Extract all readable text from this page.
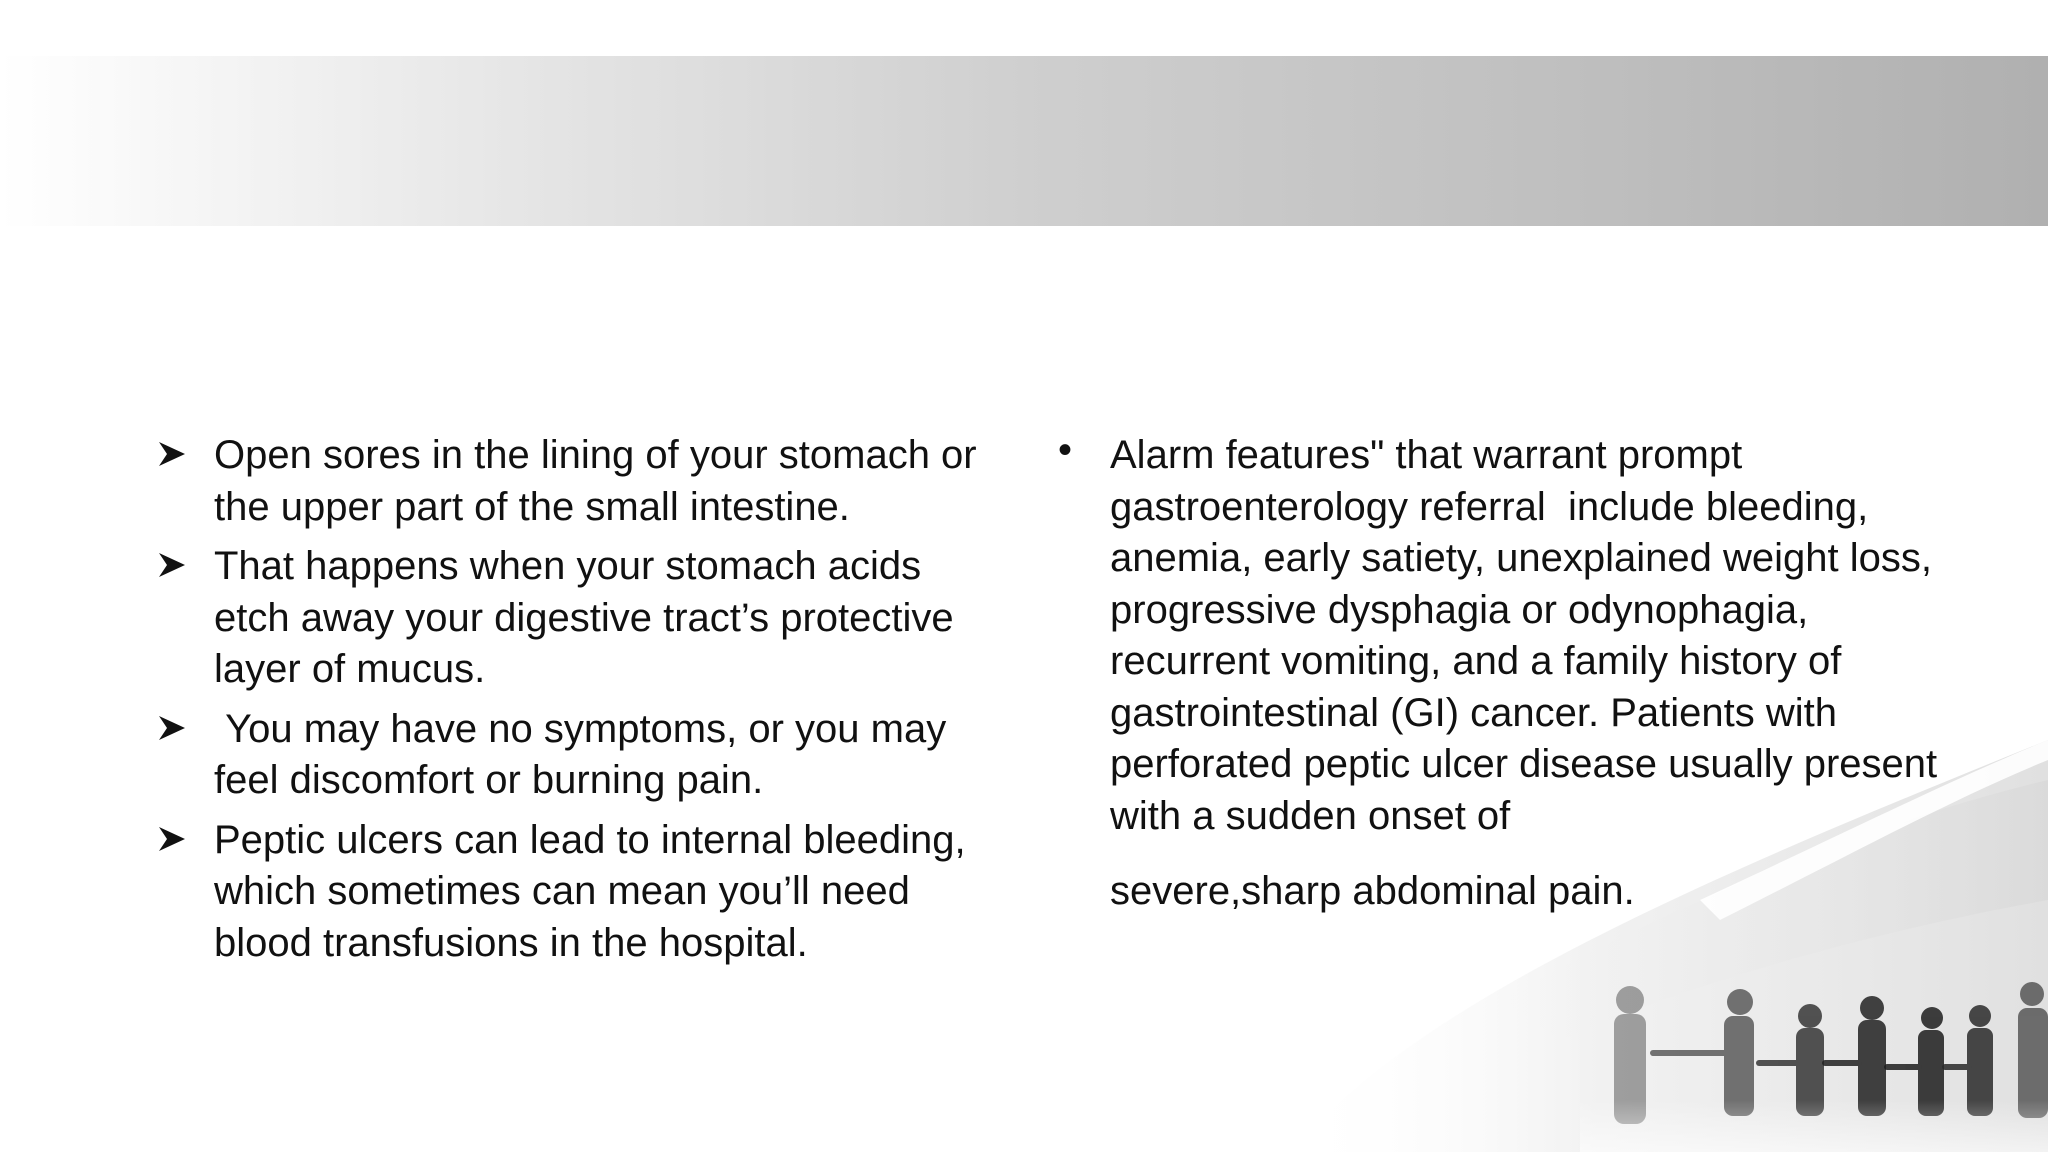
Open sores in the lining of your stomach or the upper part of the small intestine.
That happens when your stomach acids etch away your digestive tract’s protective layer of mucus.
You may have no symptoms, or you may feel discomfort or burning pain.
Peptic ulcers can lead to internal bleeding, which sometimes can mean you’ll need blood transfusions in the hospital.
• Alarm features" that warrant prompt gastroenterology referral  include bleeding, anemia, early satiety, unexplained weight loss, progressive dysphagia or odynophagia, recurrent vomiting, and a family history of gastrointestinal (GI) cancer. Patients with perforated peptic ulcer disease usually present with a sudden onset of
severe,sharp abdominal pain.
